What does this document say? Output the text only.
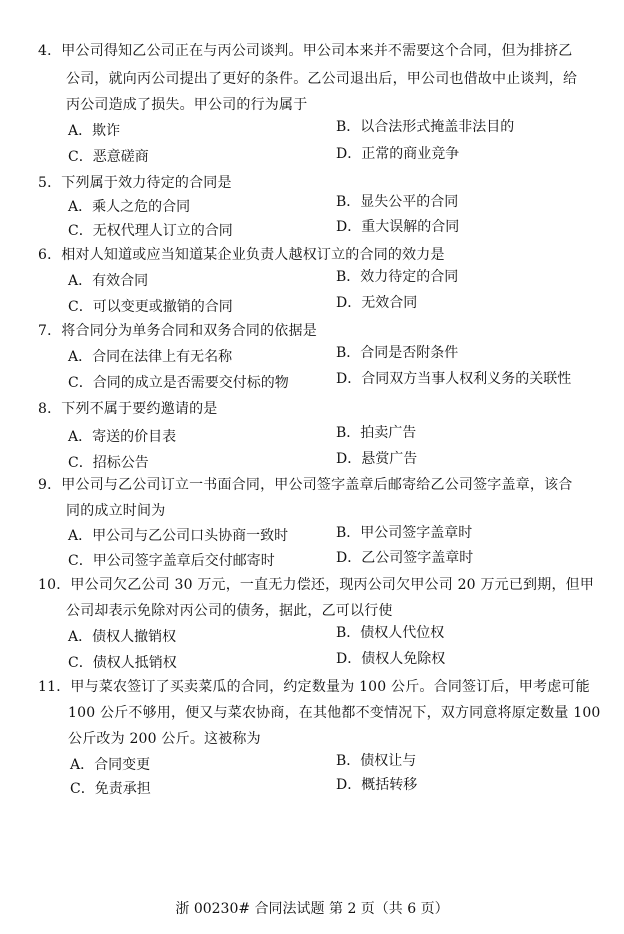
4．甲公司得知乙公司正在与丙公司谈判。甲公司本来并不需要这个合同，但为排挤乙
公司，就向丙公司提出了更好的条件。乙公司退出后，甲公司也借故中止谈判，给
丙公司造成了损失。甲公司的行为属于
A．欺诈	B．以合法形式掩盖非法目的
C．恶意磋商	D．正常的商业竞争
5．下列属于效力待定的合同是
A．乘人之危的合同	B．显失公平的合同
C．无权代理人订立的合同	D．重大误解的合同
6．相对人知道或应当知道某企业负责人越权订立的合同的效力是
A．有效合同	B．效力待定的合同
C．可以变更或撤销的合同	D．无效合同
7．将合同分为单务合同和双务合同的依据是
A．合同在法律上有无名称	B．合同是否附条件
C．合同的成立是否需要交付标的物	D．合同双方当事人权利义务的关联性
8．下列不属于要约邀请的是
A．寄送的价目表	B．拍卖广告
C．招标公告	D．悬赏广告
9．甲公司与乙公司订立一书面合同，甲公司签字盖章后邮寄给乙公司签字盖章，该合
同的成立时间为
A．甲公司与乙公司口头协商一致时	B．甲公司签字盖章时
C．甲公司签字盖章后交付邮寄时	D．乙公司签字盖章时
10．甲公司欠乙公司 30 万元，一直无力偿还，现丙公司欠甲公司 20 万元已到期，但甲
公司却表示免除对丙公司的债务，据此，乙可以行使
A．债权人撤销权	B．债权人代位权
C．债权人抵销权	D．债权人免除权
11．甲与菜农签订了买卖菜瓜的合同，约定数量为 100 公斤。合同签订后，甲考虑可能
100 公斤不够用，便又与菜农协商，在其他都不变情况下，双方同意将原定数量 100
公斤改为 200 公斤。这被称为
A．合同变更	B．债权让与
C．免责承担	D．概括转移
浙 00230# 合同法试题 第 2 页（共 6 页）
